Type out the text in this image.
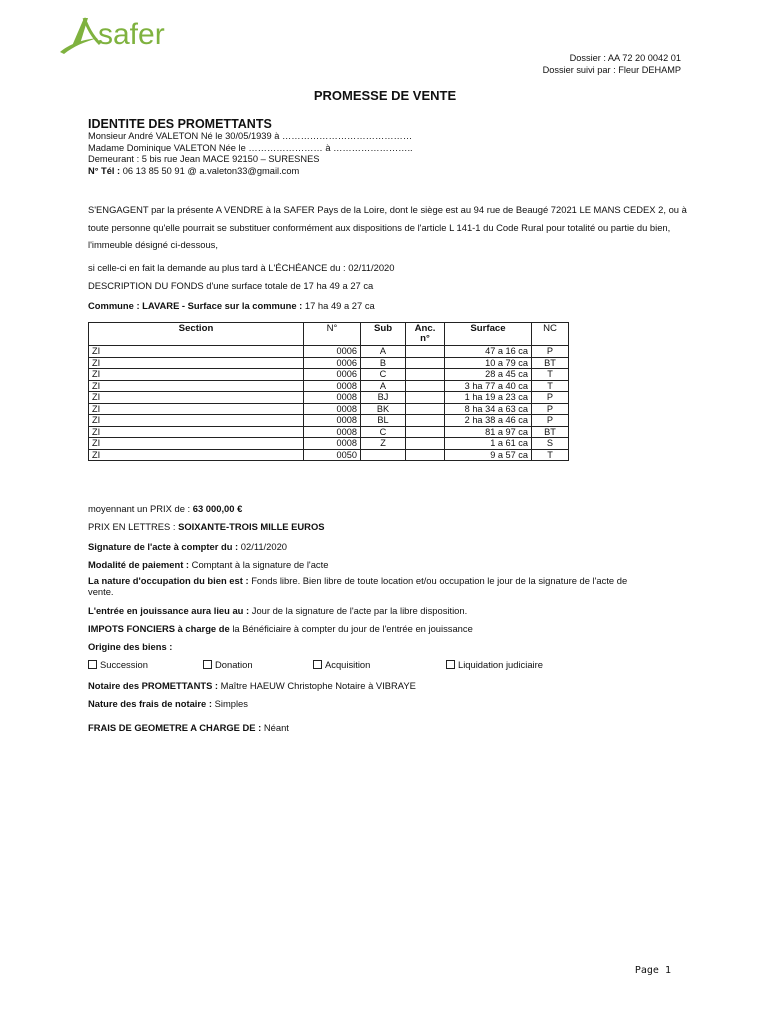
safer
Dossier : AA 72 20 0042 01
Dossier suivi par : Fleur DEHAMP
PROMESSE DE VENTE
IDENTITE DES PROMETTANTS
Monsieur André VALETON Né le 30/05/1939 à ……………………………………
Madame Dominique VALETON Née le …………………… à ……………………..
Demeurant : 5 bis rue Jean MACE 92150 – SURESNES
N° Tél : 06 13 85 50 91 @ a.valeton33@gmail.com
S'ENGAGENT par la présente A VENDRE à la SAFER Pays de la Loire, dont le siège est au 94 rue de Beaugé 72021 LE MANS CEDEX 2, ou à toute personne qu'elle pourrait se substituer conformément aux dispositions de l'article L 141-1 du Code Rural pour totalité ou partie du bien, l'immeuble désigné ci-dessous,
si celle-ci en fait la demande au plus tard à L'ÉCHÉANCE du : 02/11/2020
DESCRIPTION DU FONDS d'une surface totale de 17 ha 49 a 27 ca
Commune : LAVARE - Surface sur la commune : 17 ha 49 a 27 ca
Section	N°	Sub	Anc. n°	Surface	NC
ZI	0006	A		47 a 16 ca	P
ZI	0006	B		10 a 79 ca	BT
ZI	0006	C		28 a 45 ca	T
ZI	0008	A		3 ha 77 a 40 ca	T
ZI	0008	BJ		1 ha 19 a 23 ca	P
ZI	0008	BK		8 ha 34 a 63 ca	P
ZI	0008	BL		2 ha 38 a 46 ca	P
ZI	0008	C		81 a 97 ca	BT
ZI	0008	Z		1 a 61 ca	S
ZI	0050			9 a 57 ca	T
moyennant un PRIX de : 63 000,00 €
PRIX EN LETTRES : SOIXANTE-TROIS MILLE EUROS
Signature de l'acte à compter du : 02/11/2020
Modalité de paiement : Comptant à la signature de l'acte
La nature d'occupation du bien est : Fonds libre. Bien libre de toute location et/ou occupation le jour de la signature de l'acte de vente.
L'entrée en jouissance aura lieu au : Jour de la signature de l'acte par la libre disposition.
IMPOTS FONCIERS à charge de la Bénéficiaire à compter du jour de l'entrée en jouissance
Origine des biens :
Succession	Donation	Acquisition	Liquidation judiciaire
Notaire des PROMETTANTS : Maître HAEUW Christophe Notaire à VIBRAYE
Nature des frais de notaire : Simples
FRAIS DE GEOMETRE A CHARGE DE : Néant
Page 1
